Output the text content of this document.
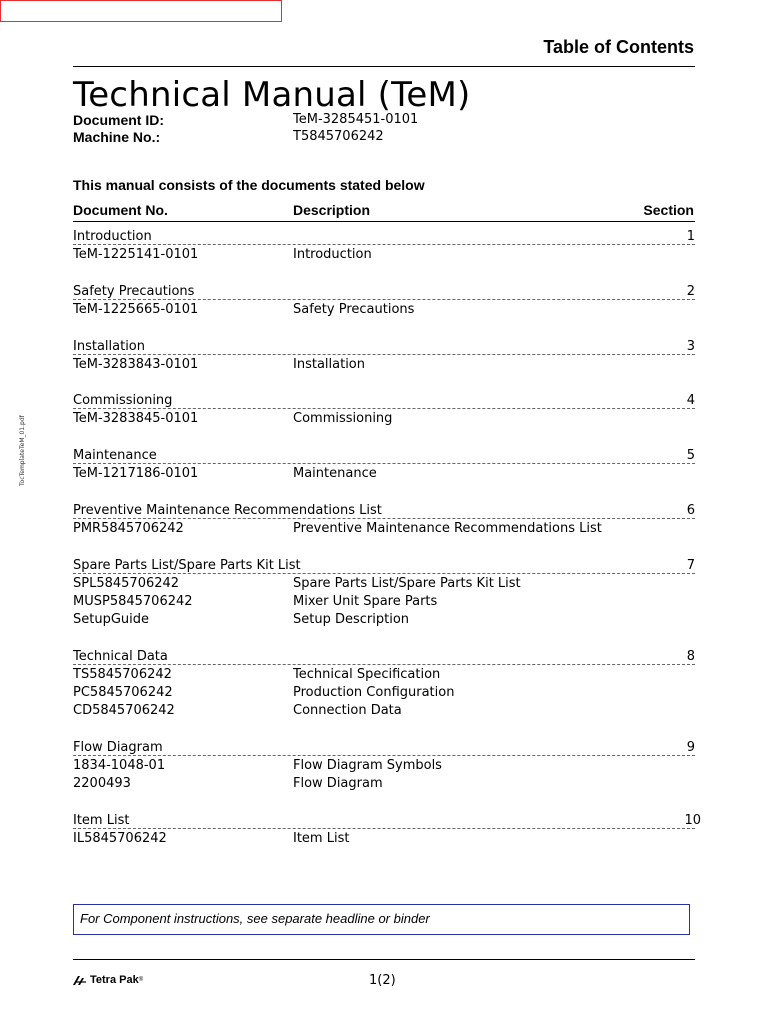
Table of Contents
Technical Manual (TeM)
Document ID:	TeM-3285451-0101
Machine No.:	T5845706242
This manual consists of the documents stated below
Document No.	Description	Section
TocTemplateTeM_01.pdf
Introduction	1
TeM-1225141-0101	Introduction
Safety Precautions	2
TeM-1225665-0101	Safety Precautions
Installation	3
TeM-3283843-0101	Installation
Commissioning	4
TeM-3283845-0101	Commissioning
Maintenance	5
TeM-1217186-0101	Maintenance
Preventive Maintenance Recommendations List	6
PMR5845706242	Preventive Maintenance Recommendations List
Spare Parts List/Spare Parts Kit List	7
SPL5845706242	Spare Parts List/Spare Parts Kit List
MUSP5845706242	Mixer Unit Spare Parts
SetupGuide	Setup Description
Technical Data	8
TS5845706242	Technical Specification
PC5845706242	Production Configuration
CD5845706242	Connection Data
Flow Diagram	9
1834-1048-01	Flow Diagram Symbols
2200493	Flow Diagram
Item List	10
IL5845706242	Item List
For Component instructions, see separate headline or binder
Tetra Pak ®	1(2)
